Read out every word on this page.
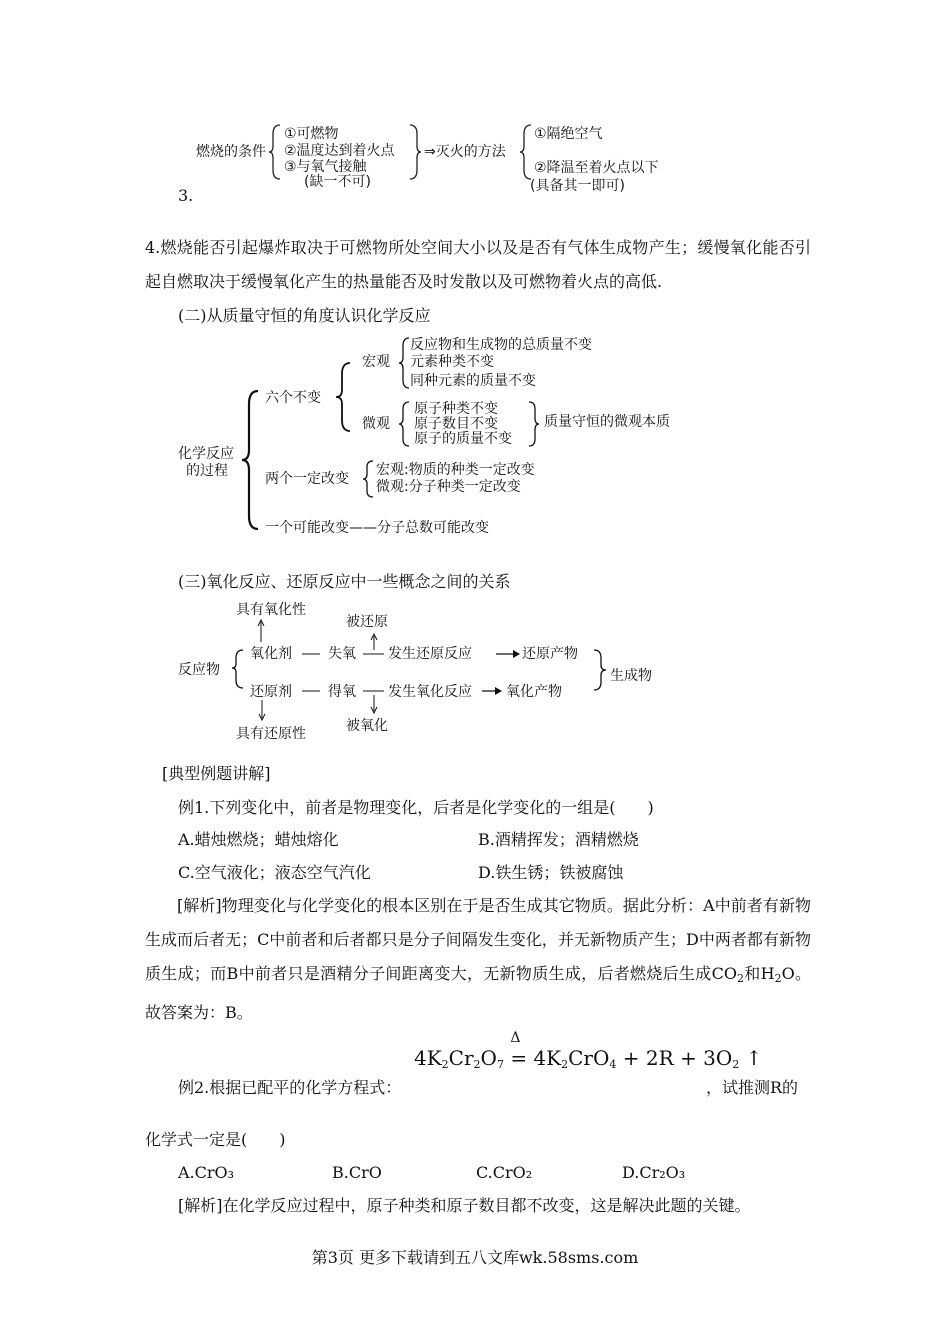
燃烧的条件
①可燃物
②温度达到着火点
③与氧气接触
(缺一不可)
⇒灭火的方法
①隔绝空气
②降温至着火点以下
(具备其一即可)
3.
4.燃烧能否引起爆炸取决于可燃物所处空间大小以及是否有气体生成物产生；缓慢氧化能否引起自燃取决于缓慢氧化产生的热量能否及时发散以及可燃物着火点的高低.
(二)从质量守恒的角度认识化学反应
化学反应
的过程
六个不变
宏观
反应物和生成物的总质量不变
元素种类不变
同种元素的质量不变
微观
原子种类不变
原子数目不变
原子的质量不变
质量守恒的微观本质
两个一定改变
宏观:物质的种类一定改变
微观:分子种类一定改变
一个可能改变——分子总数可能改变
(三)氧化反应、还原反应中一些概念之间的关系
具有氧化性
被还原
反应物
氧化剂	失氧 发生还原反应	还原产物
生成物
还原剂	得氧 发生氧化反应 氧化产物
被氧化
具有还原性
[典型例题讲解]
例1.下列变化中，前者是物理变化，后者是化学变化的一组是(　　)
A.蜡烛燃烧；蜡烛熔化	B.酒精挥发；酒精燃烧
C.空气液化；液态空气汽化	D.铁生锈；铁被腐蚀
[解析]物理变化与化学变化的根本区别在于是否生成其它物质。据此分析：A中前者有新物生成而后者无；C中前者和后者都只是分子间隔发生变化，并无新物质产生；D中两者都有新物质生成；而B中前者只是酒精分子间距离变大，无新物质生成，后者燃烧后生成$CO_2$和$H_2O$。故答案为：B。
$4K_2Cr_2O_7$
Δ
= $4K_2CrO_4 + 2R + 3O_2$ ↑
例2.根据已配平的化学方程式：	，试推测R的
化学式一定是(　　)
A.CrO₃	B.CrO	C.CrO₂	D.Cr₂O₃
[解析]在化学反应过程中，原子种类和原子数目都不改变，这是解决此题的关键。
第3页 更多下载请到五八文库wk.58sms.com
